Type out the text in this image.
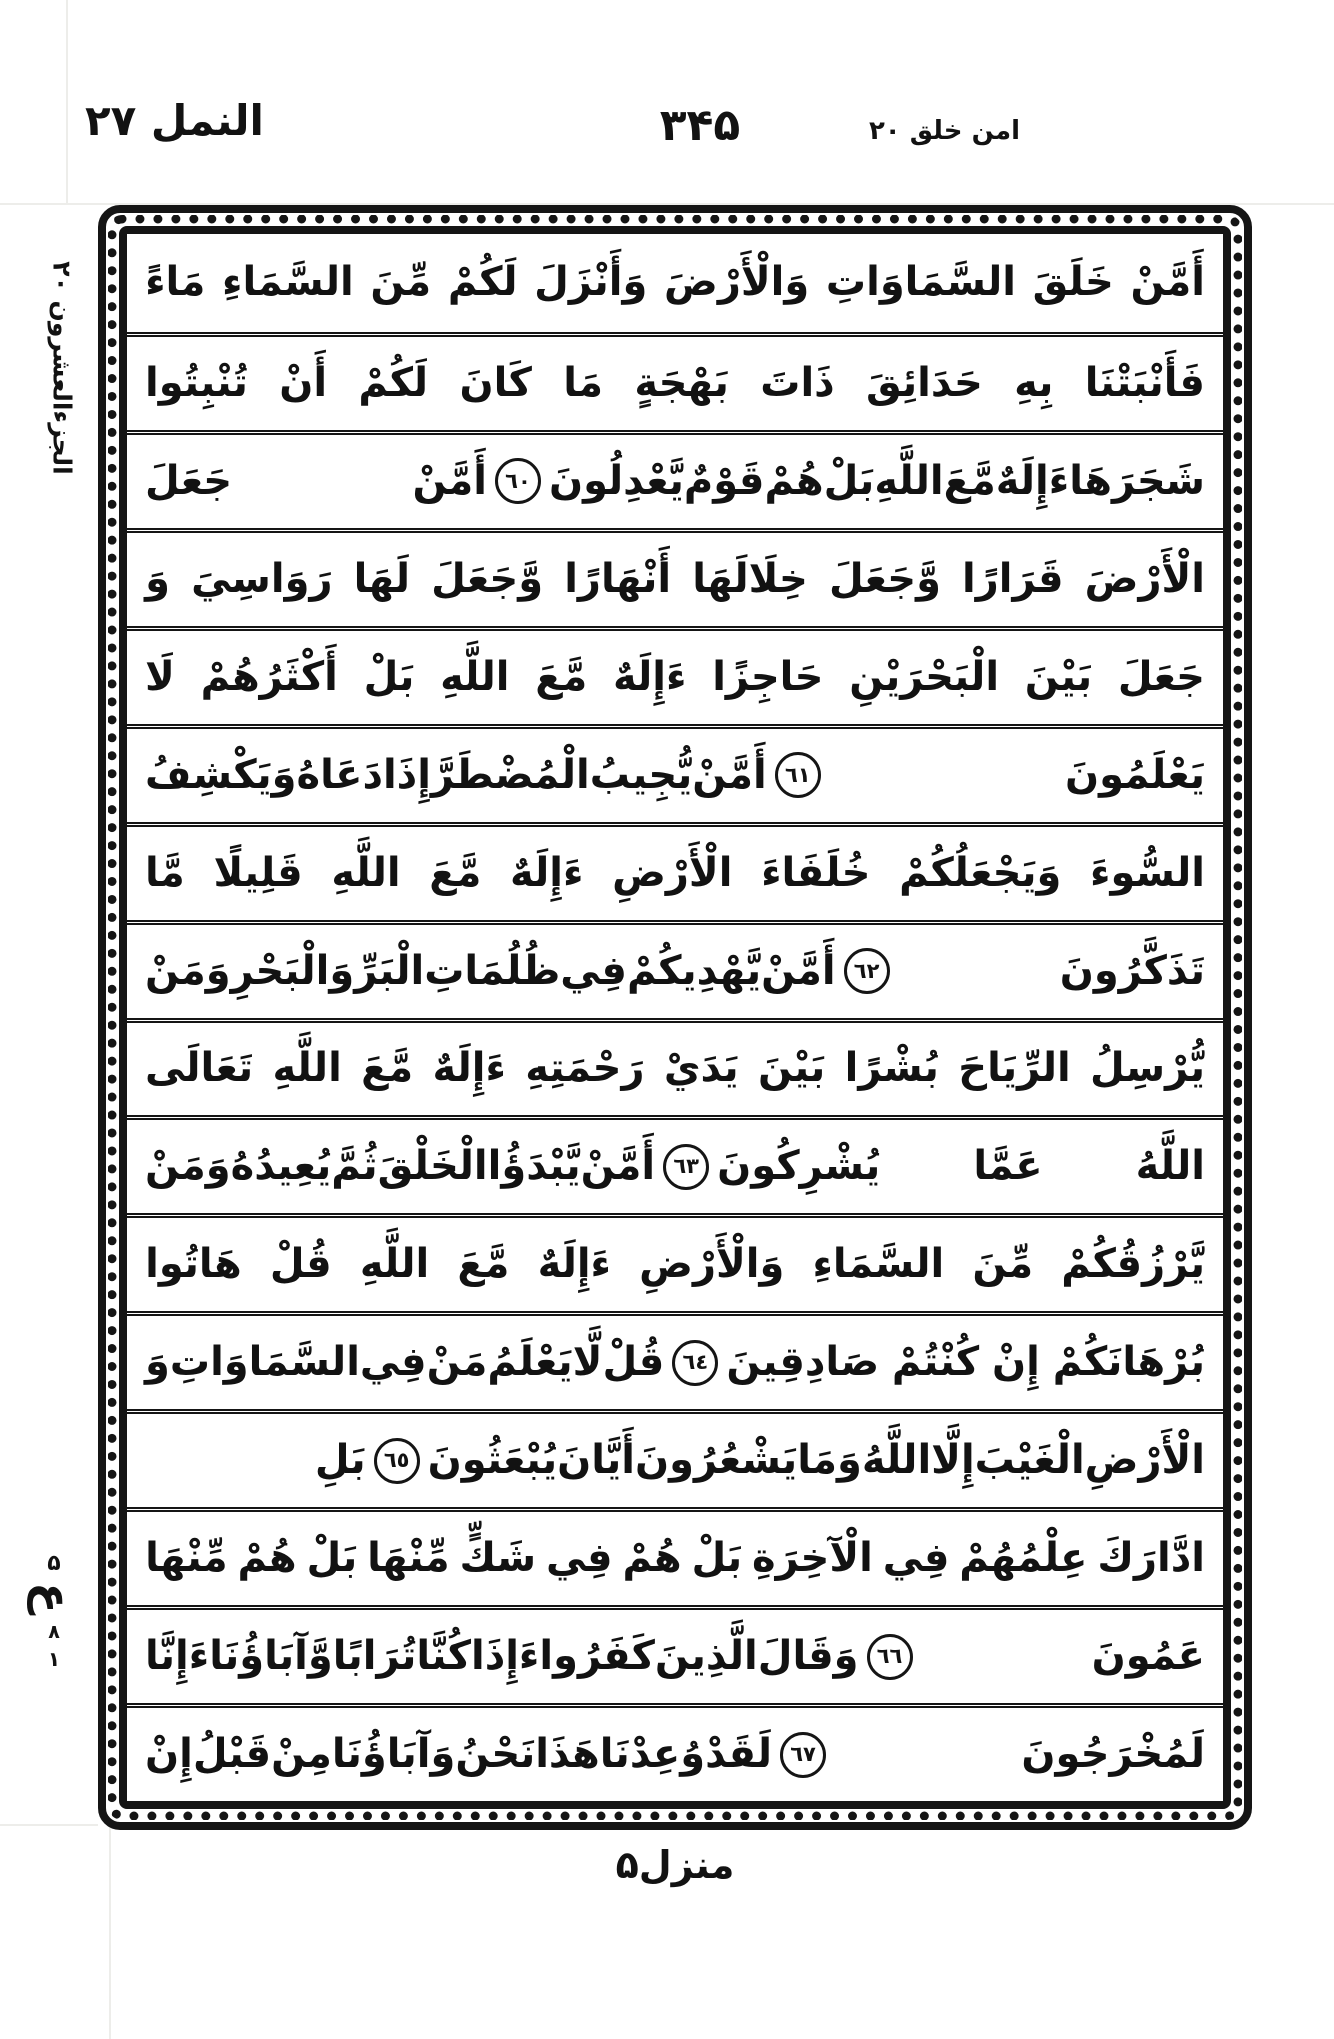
النمل ۲۷	۳۴۵	امن خلق ۲۰
الجزءالعشرون ۲۰
۵
ع
۸
۱
أَمَّنْ
خَلَقَ
السَّمَاوَاتِ
وَالْأَرْضَ
وَأَنْزَلَ
لَكُمْ
مِّنَ
السَّمَاءِ
مَاءً
فَأَنْبَتْنَا
بِهِ
حَدَائِقَ
ذَاتَ
بَهْجَةٍ
مَا
كَانَ
لَكُمْ
أَنْ
تُنْبِتُوا
شَجَرَهَا
ءَإِلَهٌ
مَّعَ
اللَّهِ
بَلْ
هُمْ
قَوْمٌ
يَّعْدِلُونَ
٦٠
أَمَّنْ
جَعَلَ
الْأَرْضَ
قَرَارًا
وَّجَعَلَ
خِلَالَهَا
أَنْهَارًا
وَّجَعَلَ
لَهَا
رَوَاسِيَ
وَ
جَعَلَ
بَيْنَ
الْبَحْرَيْنِ
حَاجِزًا
ءَإِلَهٌ
مَّعَ
اللَّهِ
بَلْ
أَكْثَرُهُمْ
لَا
يَعْلَمُونَ
٦١
أَمَّنْ
يُّجِيبُ
الْمُضْطَرَّ
إِذَا
دَعَاهُ
وَيَكْشِفُ
السُّوءَ
وَيَجْعَلُكُمْ
خُلَفَاءَ
الْأَرْضِ
ءَإِلَهٌ
مَّعَ
اللَّهِ
قَلِيلًا
مَّا
تَذَكَّرُونَ
٦٢
أَمَّنْ
يَّهْدِيكُمْ
فِي
ظُلُمَاتِ
الْبَرِّ
وَالْبَحْرِ
وَمَنْ
يُّرْسِلُ
الرِّيَاحَ
بُشْرًا
بَيْنَ
يَدَيْ
رَحْمَتِهِ
ءَإِلَهٌ
مَّعَ
اللَّهِ
تَعَالَى
اللَّهُ
عَمَّا
يُشْرِكُونَ
٦٣
أَمَّنْ
يَّبْدَؤُا
الْخَلْقَ
ثُمَّ
يُعِيدُهُ
وَمَنْ
يَّرْزُقُكُمْ
مِّنَ
السَّمَاءِ
وَالْأَرْضِ
ءَإِلَهٌ
مَّعَ
اللَّهِ
قُلْ
هَاتُوا
بُرْهَانَكُمْ
إِنْ
كُنْتُمْ
صَادِقِينَ
٦٤
قُلْ
لَّا
يَعْلَمُ
مَنْ
فِي
السَّمَاوَاتِ
وَ
الْأَرْضِ
الْغَيْبَ
إِلَّا
اللَّهُ
وَمَا
يَشْعُرُونَ
أَيَّانَ
يُبْعَثُونَ
٦٥
بَلِ
ادَّارَكَ
عِلْمُهُمْ
فِي
الْآخِرَةِ
بَلْ
هُمْ
فِي
شَكٍّ
مِّنْهَا
بَلْ
هُمْ
مِّنْهَا
عَمُونَ
٦٦
وَقَالَ
الَّذِينَ
كَفَرُوا
ءَإِذَا
كُنَّا
تُرَابًا
وَّآبَاؤُنَا
ءَإِنَّا
لَمُخْرَجُونَ
٦٧
لَقَدْ
وُعِدْنَا
هَذَا
نَحْنُ
وَآبَاؤُنَا
مِنْ
قَبْلُ
إِنْ
منزل۵
